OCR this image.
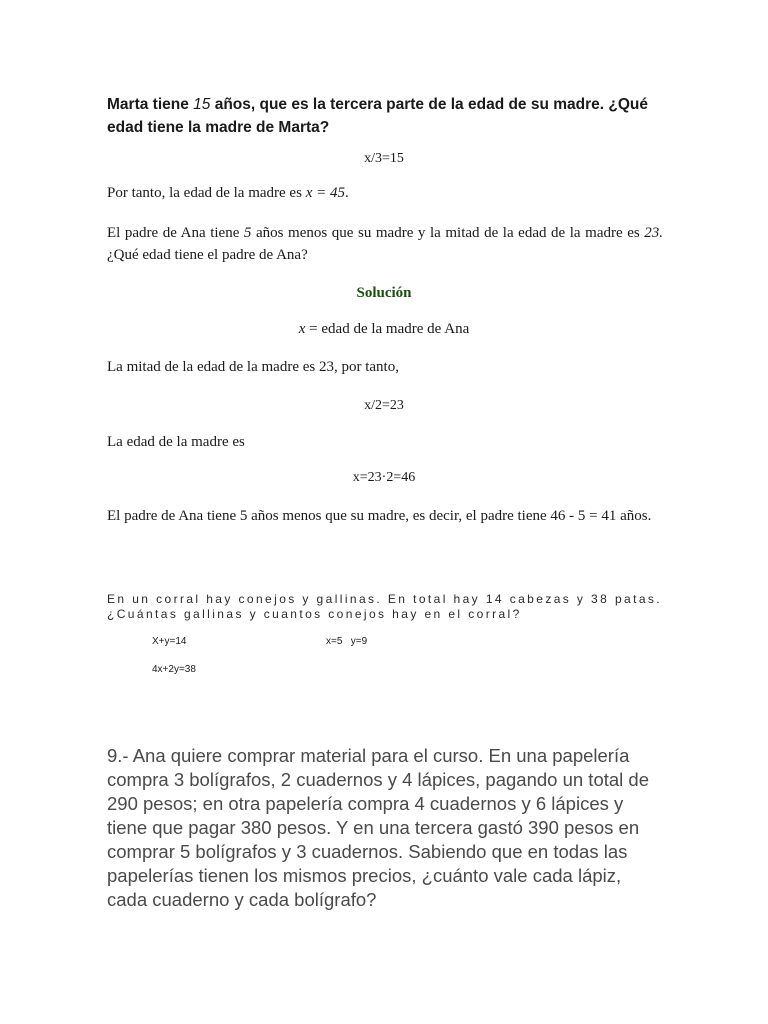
Marta tiene 15 años, que es la tercera parte de la edad de su madre. ¿Qué edad tiene la madre de Marta?
x/3=15
Por tanto, la edad de la madre es x = 45.
El padre de Ana tiene 5 años menos que su madre y la mitad de la edad de la madre es 23. ¿Qué edad tiene el padre de Ana?
Solución
x = edad de la madre de Ana
La mitad de la edad de la madre es 23, por tanto,
x/2=23
La edad de la madre es
x=23·2=46
El padre de Ana tiene 5 años menos que su madre, es decir, el padre tiene 46 - 5 = 41 años.
En un corral hay conejos y gallinas. En total hay 14 cabezas y 38 patas. ¿Cuántas gallinas y cuantos conejos hay en el corral?
X+y=14	x=5   y=9
4x+2y=38
9.- Ana quiere comprar material para el curso. En una papelería compra 3 bolígrafos, 2 cuadernos y 4 lápices, pagando un total de 290 pesos; en otra papelería compra 4 cuadernos y 6 lápices y tiene que pagar 380 pesos. Y en una tercera gastó 390 pesos en comprar 5 bolígrafos y 3 cuadernos. Sabiendo que en todas las papelerías tienen los mismos precios, ¿cuánto vale cada lápiz, cada cuaderno y cada bolígrafo?
